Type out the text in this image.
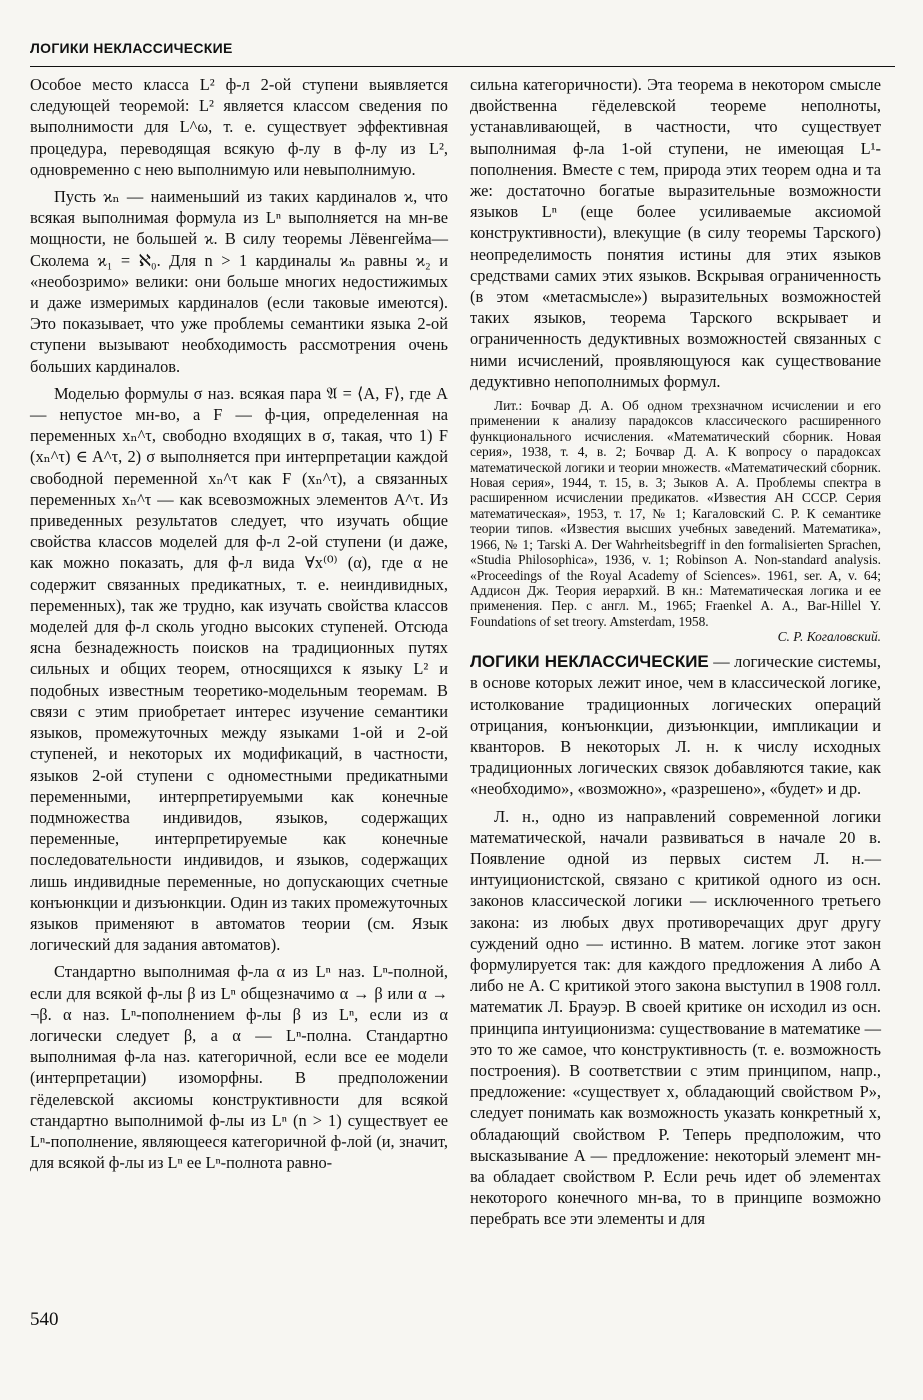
ЛОГИКИ НЕКЛАССИЧЕСКИЕ

Особое место класса L² ф-л 2-ой ступени выявляется следующей теоремой: L² является классом сведения по выполнимости для L^ω, т. е. существует эффективная процедура, переводящая всякую ф-лу в ф-лу из L², одновременно с нею выполнимую или невыполнимую.

Пусть ϰₙ — наименьший из таких кардиналов ϰ, что всякая выполнимая формула из Lⁿ выполняется на мн-ве мощности, не большей ϰ. В силу теоремы Лёвенгейма—Сколема ϰ₁ = ℵ₀. Для n > 1 кардиналы ϰₙ равны ϰ₂ и «необозримо» велики: они больше многих недостижимых и даже измеримых кардиналов (если таковые имеются). Это показывает, что уже проблемы семантики языка 2-ой ступени вызывают необходимость рассмотрения очень больших кардиналов.

Моделью формулы σ наз. всякая пара 𝔄 = ⟨A, F⟩, где A — непустое мн-во, а F — ф-ция, определенная на переменных xₙ^τ, свободно входящих в σ, такая, что 1) F (xₙ^τ) ∈ A^τ, 2) σ выполняется при интерпретации каждой свободной переменной xₙ^τ как F (xₙ^τ), а связанных переменных xₙ^τ — как всевозможных элементов A^τ. Из приведенных результатов следует, что изучать общие свойства классов моделей для ф-л 2-ой ступени (и даже, как можно показать, для ф-л вида ∀x⁽⁰⁾ (α), где α не содержит связанных предикатных, т. е. неиндивидных, переменных), так же трудно, как изучать свойства классов моделей для ф-л сколь угодно высоких ступеней. Отсюда ясна безнадежность поисков на традиционных путях сильных и общих теорем, относящихся к языку L² и подобных известным теоретико-модельным теоремам. В связи с этим приобретает интерес изучение семантики языков, промежуточных между языками 1-ой и 2-ой ступеней, и некоторых их модификаций, в частности, языков 2-ой ступени с одноместными предикатными переменными, интерпретируемыми как конечные подмножества индивидов, языков, содержащих переменные, интерпретируемые как конечные последовательности индивидов, и языков, содержащих лишь индивидные переменные, но допускающих счетные конъюнкции и дизъюнкции. Один из таких промежуточных языков применяют в автоматов теории (см. Язык логический для задания автоматов).

Стандартно выполнимая ф-ла α из Lⁿ наз. Lⁿ-полной, если для всякой ф-лы β из Lⁿ общезначимо α → β или α → ¬β. α наз. Lⁿ-пополнением ф-лы β из Lⁿ, если из α логически следует β, а α — Lⁿ-полна. Стандартно выполнимая ф-ла наз. категоричной, если все ее модели (интерпретации) изоморфны. В предположении гёделевской аксиомы конструктивности для всякой стандартно выполнимой ф-лы из Lⁿ (n > 1) существует ее Lⁿ-пополнение, являющееся категоричной ф-лой (и, значит, для всякой ф-лы из Lⁿ ее Lⁿ-полнота равно-

сильна категоричности). Эта теорема в некотором смысле двойственна гёделевской теореме неполноты, устанавливающей, в частности, что существует выполнимая ф-ла 1-ой ступени, не имеющая L¹-пополнения. Вместе с тем, природа этих теорем одна и та же: достаточно богатые выразительные возможности языков Lⁿ (еще более усиливаемые аксиомой конструктивности), влекущие (в силу теоремы Тарского) неопределимость понятия истины для этих языков средствами самих этих языков. Вскрывая ограниченность (в этом «метасмысле») выразительных возможностей таких языков, теорема Тарского вскрывает и ограниченность дедуктивных возможностей связанных с ними исчислений, проявляющуюся как существование дедуктивно непополнимых формул.

Лит.: Бочвар Д. А. Об одном трехзначном исчислении и его применении к анализу парадоксов классического расширенного функционального исчисления. «Математический сборник. Новая серия», 1938, т. 4, в. 2; Бочвар Д. А. К вопросу о парадоксах математической логики и теории множеств. «Математический сборник. Новая серия», 1944, т. 15, в. 3; Зыков А. А. Проблемы спектра в расширенном исчислении предикатов. «Известия АН СССР. Серия математическая», 1953, т. 17, № 1; Кагаловский С. Р. К семантике теории типов. «Известия высших учебных заведений. Математика», 1966, № 1; Tarski A. Der Wahrheitsbegriff in den formalisierten Sprachen, «Studia Philosophica», 1936, v. 1; Robinson A. Non-standard analysis. «Proceedings of the Royal Academy of Sciences». 1961, ser. A, v. 64; Аддисон Дж. Теория иерархий. В кн.: Математическая логика и ее применения. Пер. с англ. М., 1965; Fraenkel A. A., Bar-Hillel Y. Foundations of set treory. Amsterdam, 1958.

С. Р. Когаловский.

ЛОГИКИ НЕКЛАССИЧЕСКИЕ — логические системы, в основе которых лежит иное, чем в классической логике, истолкование традиционных логических операций отрицания, конъюнкции, дизъюнкции, импликации и кванторов. В некоторых Л. н. к числу исходных традиционных логических связок добавляются такие, как «необходимо», «возможно», «разрешено», «будет» и др.

Л. н., одно из направлений современной логики математической, начали развиваться в начале 20 в. Появление одной из первых систем Л. н.— интуиционистской, связано с критикой одного из осн. законов классической логики — исключенного третьего закона: из любых двух противоречащих друг другу суждений одно — истинно. В матем. логике этот закон формулируется так: для каждого предложения A либо A либо не A. С критикой этого закона выступил в 1908 голл. математик Л. Брауэр. В своей критике он исходил из осн. принципа интуиционизма: существование в математике — это то же самое, что конструктивность (т. е. возможность построения). В соответствии с этим принципом, напр., предложение: «существует x, обладающий свойством P», следует понимать как возможность указать конкретный x, обладающий свойством P. Теперь предположим, что высказывание A — предложение: некоторый элемент мн-ва обладает свойством P. Если речь идет об элементах некоторого конечного мн-ва, то в принципе возможно перебрать все эти элементы и для

540
